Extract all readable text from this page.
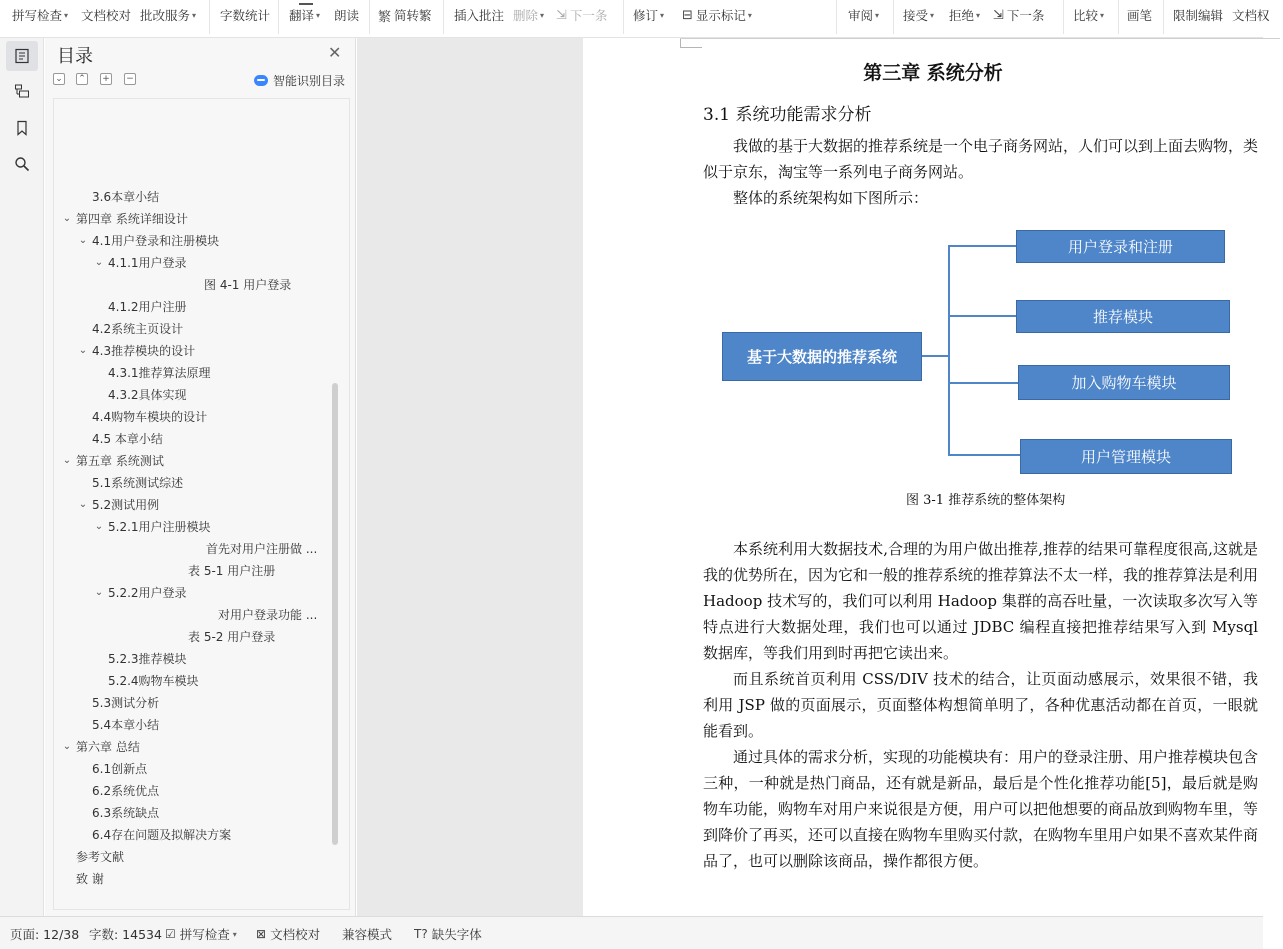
拼写检查 ▾ 文档校对 批改服务 ▾ 字数统计 翻译 ▾ 朗读 繁 简转繁 插入批注 删除 ▾ ⇲ 下一条 修订 ▾ ⊟ 显示标记 ▾	审阅 ▾ 接受 ▾ 拒绝 ▾ ⇲ 下一条 比较 ▾ 画笔 限制编辑 文档权
目录	✕
⌄ ⌃ + −	智能识别目录
3.6本章小结
⌄ 第四章 系统详细设计
⌄ 4.1用户登录和注册模块
⌄ 4.1.1用户登录
图 4-1 用户登录
4.1.2用户注册
4.2系统主页设计
⌄ 4.3推荐模块的设计
4.3.1推荐算法原理
4.3.2具体实现
4.4购物车模块的设计
4.5 本章小结
⌄ 第五章 系统测试
5.1系统测试综述
⌄ 5.2测试用例
⌄ 5.2.1用户注册模块
首先对用户注册做 ...
表 5-1 用户注册
⌄ 5.2.2用户登录
对用户登录功能 ...
表 5-2 用户登录
5.2.3推荐模块
5.2.4购物车模块
5.3测试分析
5.4本章小结
⌄ 第六章 总结
6.1创新点
6.2系统优点
6.3系统缺点
6.4存在问题及拟解决方案
参考文献
致 谢
第三章 系统分析
3.1 系统功能需求分析
我做的基于大数据的推荐系统是一个电子商务网站，人们可以到上面去购物，类似于京东，淘宝等一系列电子商务网站。
整体的系统架构如下图所示：
基于大数据的推荐系统
用户登录和注册
推荐模块
加入购物车模块
用户管理模块
图 3-1 推荐系统的整体架构
本系统利用大数据技术,合理的为用户做出推荐,推荐的结果可靠程度很高,这就是我的优势所在，因为它和一般的推荐系统的推荐算法不太一样，我的推荐算法是利用 Hadoop 技术写的，我们可以利用 Hadoop 集群的高吞吐量，一次读取多次写入等特点进行大数据处理，我们也可以通过 JDBC 编程直接把推荐结果写入到 Mysql 数据库，等我们用到时再把它读出来。
而且系统首页利用 CSS/DIV 技术的结合，让页面动感展示，效果很不错，我利用 JSP 做的页面展示，页面整体构想简单明了，各种优惠活动都在首页，一眼就能看到。
通过具体的需求分析，实现的功能模块有：用户的登录注册、用户推荐模块包含三种，一种就是热门商品，还有就是新品，最后是个性化推荐功能[5]，最后就是购物车功能，购物车对用户来说很是方便，用户可以把他想要的商品放到购物车里，等到降价了再买，还可以直接在购物车里购买付款，在购物车里用户如果不喜欢某件商品了，也可以删除该商品，操作都很方便。
页面: 12/38 字数: 14534 ☑ 拼写检查 ▾ ⊠ 文档校对 兼容模式 T? 缺失字体
